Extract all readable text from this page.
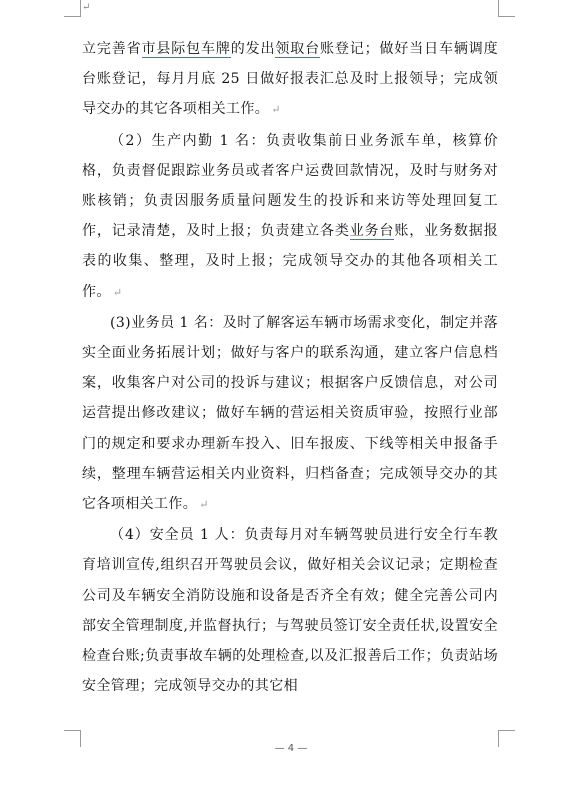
↵

立完善省市县际包车牌的发出领取台账登记；做好当日车辆调度台账登记，每月月底 25 日做好报表汇总及时上报领导；完成领导交办的其它各项相关工作。 ↵

（2）生产内勤 1 名：负责收集前日业务派车单，核算价格，负责督促跟踪业务员或者客户运费回款情况，及时与财务对账核销；负责因服务质量问题发生的投诉和来访等处理回复工作，记录清楚，及时上报；负责建立各类业务台账，业务数据报表的收集、整理，及时上报；完成领导交办的其他各项相关工作。 ↵

(3)业务员 1 名：及时了解客运车辆市场需求变化，制定并落实全面业务拓展计划；做好与客户的联系沟通，建立客户信息档案，收集客户对公司的投诉与建议；根据客户反馈信息，对公司运营提出修改建议；做好车辆的营运相关资质审验，按照行业部门的规定和要求办理新车投入、旧车报废、下线等相关申报备手续，整理车辆营运相关内业资料，归档备查；完成领导交办的其它各项相关工作。 ↵

（4）安全员 1 人：负责每月对车辆驾驶员进行安全行车教育培训宣传,组织召开驾驶员会议，做好相关会议记录；定期检查公司及车辆安全消防设施和设备是否齐全有效；健全完善公司内部安全管理制度,并监督执行；与驾驶员签订安全责任状,设置安全检查台账;负责事故车辆的处理检查,以及汇报善后工作；负责站场安全管理；完成领导交办的其它相

— 4 —
